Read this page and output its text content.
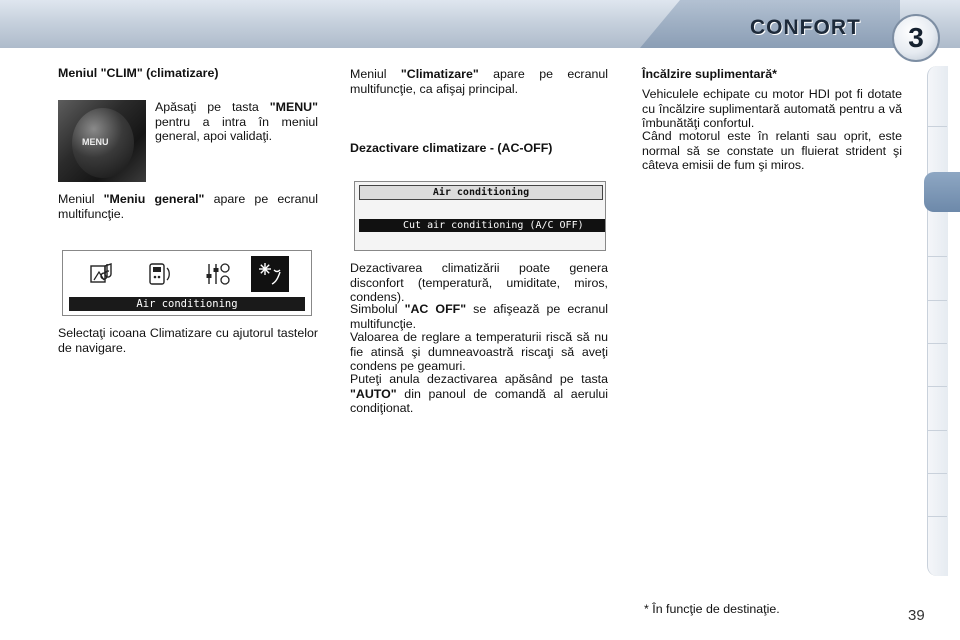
CONFORT	3
Meniul "CLIM" (climatizare)
MENU
Apăsaţi pe tasta "MENU" pentru a intra în meniul general, apoi validaţi.
Meniul "Meniu general" apare pe ecranul multifuncţie.
Air conditioning
Selectaţi icoana Climatizare cu ajutorul tastelor de navigare.
Meniul "Climatizare" apare pe ecranul multifuncţie, ca afişaj principal.
Dezactivare climatizare - (AC-OFF)
Air conditioning
Cut air conditioning (A/C OFF)
Dezactivarea climatizării poate genera disconfort (temperatură, umiditate, miros, condens).
Simbolul "AC OFF" se afişează pe ecranul multifuncţie.
Valoarea de reglare a temperaturii riscă să nu fie atinsă şi dumneavoastră riscaţi să aveţi condens pe geamuri.
Puteţi anula dezactivarea apăsând pe tasta "AUTO" din panoul de comandă al aerului condiţionat.
Încălzire suplimentară*
Vehiculele echipate cu motor HDI pot fi dotate cu încălzire suplimentară automată pentru a vă îmbunătăţi confortul.
Când motorul este în relanti sau oprit, este normal să se constate un fluierat strident şi câteva emisii de fum şi miros.
* În funcţie de destinaţie.	39
